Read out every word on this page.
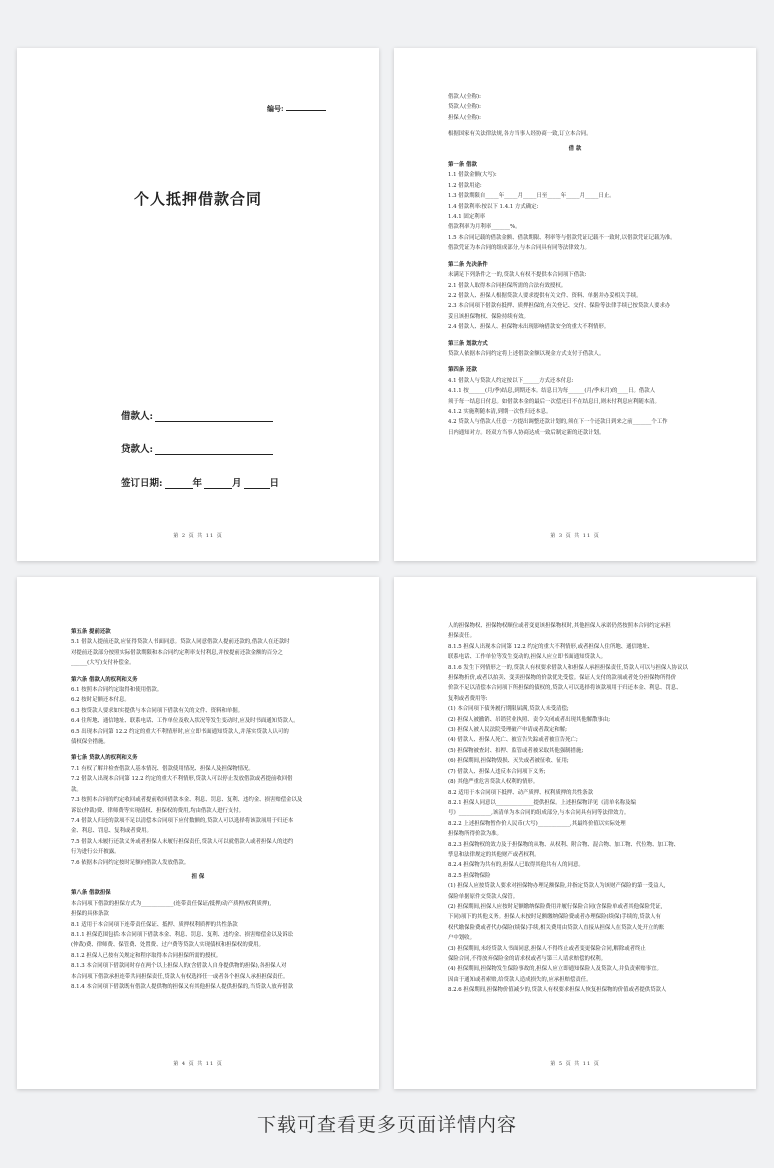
编号:
个人抵押借款合同
借款人:
贷款人:
签订日期:	年	月	日
第 2 页 共 11 页
借款人(全称):
贷款人(全称):
担保人(全称):
根据国家有关法律法规,各方当事人经协商一致,订立本合同。
借 款
第一条 借款
1.1 借款金额(大写):
1.2 借款用途:
1.3 借款期限自_____年_____月_____日至_____年_____月_____日止。
1.4 借款利率:按以下 1.4.1 方式确定:
1.4.1 固定利率
借款利率为月利率_______%。
1.5 本合同记载的借款金额、借款期限、利率等与借款凭证记载不一致时,以借款凭证记载为准。
借款凭证为本合同的组成部分,与本合同具有同等法律效力。
第二条 先决条件
未满足下列条件之一的,贷款人有权不提供本合同项下借款:
2.1 借款人取得本合同担保所需的合法有效授权。
2.2 借款人、担保人根据贷款人要求提供有关文件、资料、单据并办妥相关手续。
2.3 本合同项下借款有抵押、质押担保的,有关登记、交付、保险等法律手续已按贷款人要求办
妥且该担保物权、保险持续有效。
2.4 借款人、担保人、担保物未出现影响借款安全的重大不利情形。
第三条 划款方式
贷款人依据本合同约定将上述借款金额以现金方式支付于借款人。
第四条 还款
4.1 借款人与贷款人约定按以下______方式还本付息:
4.1.1 按______(月/季)结息,到期还本。结息日为每______(月/季末月)的____日。借款人
须于每一结息日付息。如借款本金的最后一次偿还日不在结息日,则未付利息应利随本清。
4.1.2 实施利随本清,到期一次性归还本息。
4.2 贷款人与借款人任意一方提出调整还款计划的,须在下一个还款日到来之前_______个工作
日内通知对方。经双方当事人协商达成一致后制定新的还款计划。
第 3 页 共 11 页
第五条 提前还款
5.1 借款人提前还款,应征得贷款人书面同意。贷款人同意借款人提前还款的,借款人在还款时
对提前还款部分按照实际借款期限和本合同约定利率支付利息,并按提前还款金额的百分之
______(大写)支付补偿金。
第六条 借款人的权利和义务
6.1 按照本合同约定取得和使用借款。
6.2 按时足额还本付息。
6.3 按贷款人要求如实提供与本合同项下借款有关的文件、资料和单据。
6.4 住所地、通信地址、联系电话、工作单位及收入状况等发生变动时,应及时书面通知贷款人。
6.5 出现本合同第 12.2 约定的重大不利情形时,应立即书面通知贷款人,并落实贷款人认可的
债权保全措施。
第七条 贷款人的权利和义务
7.1 有权了解并检查借款人基本情况、借款使用情况、担保人及担保物情况。
7.2 借款人出现本合同第 12.2 约定的重大不利情形,贷款人可以停止发放借款或者提前收回借
款。
7.3 按照本合同的约定收回或者提前收回借款本金、利息、罚息、复利、违约金、损害赔偿金以及
诉讼(仲裁)费、律师费等实现债权、担保权的费用,均由借款人进行支付。
7.4 借款人归还的款项不足以清偿本合同项下应付数额的,贷款人可以选择将该款项用于归还本
金、利息、罚息、复利或者费用。
7.5 借款人未履行还款义务或者担保人未履行担保责任,贷款人可以就借款人或者担保人的违约
行为进行公开披露。
7.6 依据本合同约定按时足额向借款人发放借款。
担 保
第八条 借款担保
本合同项下借款的担保方式为____________(连带责任保证/抵押/动产质押/权利质押),
担保的具体条款
8.1 适用于本合同项下连带责任保证、抵押、质押权利质押的共性条款
8.1.1 担保范围包括:本合同项下借款本金、利息、罚息、复利、违约金、损害赔偿金以及诉讼
(仲裁)费、律师费、保管费、处置费、过户费等贷款人实现债权和担保权的费用。
8.1.2 担保人已按有关规定和程序取得本合同担保所需的授权。
8.1.3 本合同项下借款同时存在两个以上担保人的(含借款人自身提供物的担保),各担保人对
本合同项下借款承担连带共同担保责任,贷款人有权选择任一或者各个担保人承担担保责任。
8.1.4 本合同项下借款既有借款人提供物的担保又有其他担保人提供担保的,当贷款人放弃借款
第 4 页 共 11 页
人的担保物权、担保物权顺位或者变更该担保物权时,其他担保人承诺仍然按照本合同约定承担
担保责任。
8.1.5 担保人出现本合同第 12.2 约定的重大不利情形,或者担保人住所地、通信地址、
联系电话、工作单位等发生变动的,担保人应立即书面通知贷款人。
8.1.6 发生下列情形之一的,贷款人有权要求借款人和担保人承担担保责任,贷款人可以与担保人协议以
担保物折价,或者以拍卖、变卖担保物的价款优先受偿。保证人支付的款项或者处分担保物所得价
价款不足以清偿本合同项下所担保的债权的,贷款人可以选择将该款项用于归还本金、利息、罚息、
复利或者费用等:
(1) 本合同项下债务履行期限届满,贷款人未受清偿;
(2) 担保人被撤销、吊销营业执照、责令关闭或者出现其他解散事由;
(3) 担保人被人民法院受理破产申请或者裁定和解;
(4) 借款人、担保人死亡、被宣告失踪或者被宣告死亡;
(5) 担保物被查封、扣押、监管或者被采取其他强制措施;
(6) 担保期间,担保物毁损、灭失或者被征收、征用;
(7) 借款人、担保人违反本合同项下义务;
(8) 其他严重危害贷款人权利的情形。
8.2 适用于本合同项下抵押、动产质押、权利质押的共性条款
8.2.1 担保人同意以______________提供担保。上述担保物详见《清单名称及编
号》____________,该清单为本合同的组成部分,与本合同具有同等法律效力。
8.2.2 上述担保物暂作价人民币(大写)____________,其最终价值以实际处理
担保物所得价款为准。
8.2.3 担保物权的效力及于担保物的从物、从权利、附合物、混合物、加工物、代位物、加工物、
孳息和法律规定的其他财产或者权利。
8.2.4 担保物为共有的,担保人已取得其他共有人的同意。
8.2.5 担保物保险
(1) 担保人应按贷款人要求对担保物办理足额保险,并指定贷款人为该财产保险的第一受益人,
保险单据原件交贷款人保管。
(2) 担保期间,担保人应按时足额缴纳保险费用并履行保险合同(含保险单或者其他保险凭证,
下同)项下的其他义务。担保人未按时足额缴纳保险费或者办理保险(续保)手续的,贷款人有
权代缴保险费或者代办保险(续保)手续,相关费用由贷款人直接从担保人在贷款人处开立的账
户中划收。
(3) 担保期间,未经贷款人书面同意,担保人不得终止或者变更保险合同,解除或者终止
保险合同,不得放弃保险金的请求权或者与第三人请求赔偿的权利。
(4) 担保期间,担保物发生保险事故的,担保人应立即通知保险人及贷款人,并负责索赔事宜。
因由于通知或者索赔,给贷款人造成损失的,应承担赔偿责任。
8.2.6 担保期间,担保物价值减少的,贷款人有权要求担保人恢复担保物的价值或者提供贷款人
第 5 页 共 11 页
下载可查看更多页面详情内容
